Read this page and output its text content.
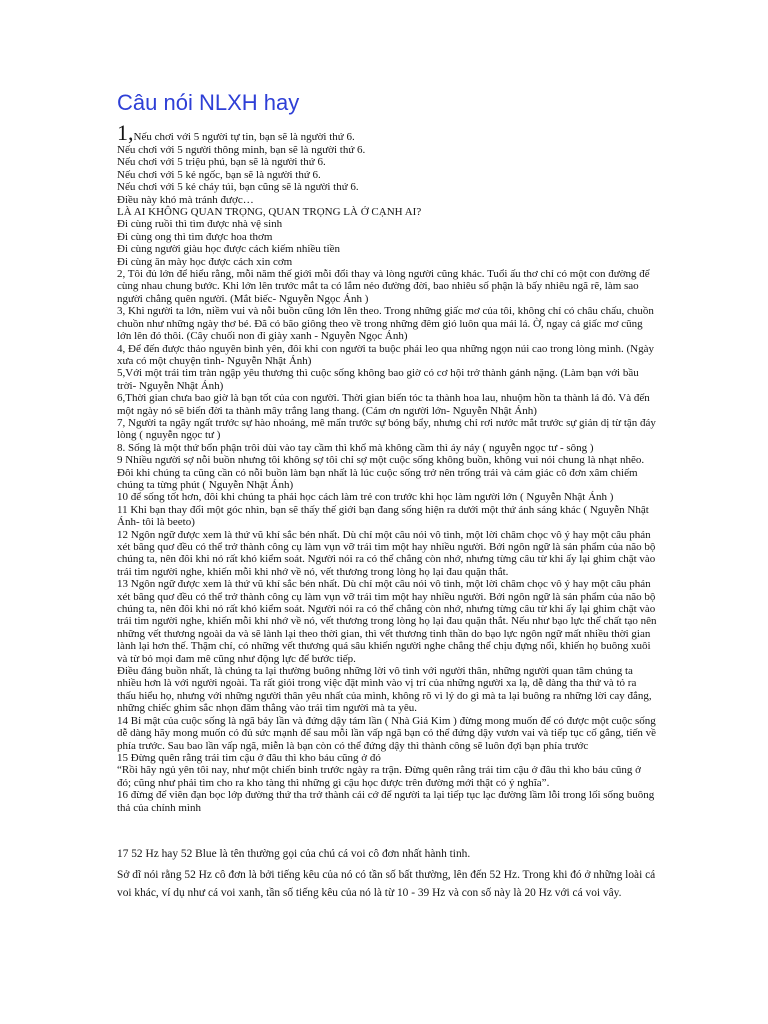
Câu nói NLXH hay

1,Nếu chơi với 5 người tự tin, bạn sẽ là người thứ 6.

Nếu chơi với 5 người thông minh, bạn sẽ là người thứ 6.

Nếu chơi với 5 triệu phú, bạn sẽ là người thứ 6.

Nếu chơi với 5 kẻ ngốc, bạn sẽ là người thứ 6.

Nếu chơi với 5 kẻ cháy túi, bạn cũng sẽ là người thứ 6.

Điều này khó mà tránh được…

LÀ AI KHÔNG QUAN TRỌNG, QUAN TRỌNG LÀ Ở CẠNH AI?

Đi cùng ruồi thì tìm được nhà vệ sinh

Đi cùng ong thì tìm được hoa thơm

Đi cùng người giàu học được cách kiếm nhiều tiền

Đi cùng ăn mày học được cách xin cơm

2, Tôi đủ lớn để hiểu rằng, mỗi năm thế giới mỗi đổi thay và lòng người cũng khác. Tuổi ấu thơ chỉ có một con đường để cùng nhau chung bước. Khi lớn lên trước mắt ta có lắm nẻo đường đời, bao nhiêu số phận là bấy nhiêu ngã rẽ, làm sao người chẳng quên người. (Mắt biếc- Nguyễn Ngọc Ánh )

3, Khi người ta lớn, niềm vui và nỗi buồn cũng lớn lên theo. Trong những giấc mơ của tôi, không chỉ có châu chấu, chuồn chuồn như những ngày thơ bé. Đã có bão giông theo về trong những đêm gió luôn qua mái lá. Ờ, ngay cả giấc mơ cũng lớn lên đó thôi. (Cây chuối non đi giày xanh - Nguyễn Ngọc Ánh)

4, Để đến được thảo nguyên bình yên, đôi khi con người ta buộc phải leo qua những ngọn núi cao trong lòng mình. (Ngày xưa có một chuyện tình- Nguyễn Nhật Ánh)

5,Với một trái tim tràn ngập yêu thương thì cuộc sống không bao giờ có cơ hội trở thành gánh nặng. (Làm bạn với bầu trời- Nguyễn Nhật Ánh)

6,Thời gian chưa bao giờ là bạn tốt của con người. Thời gian biến tóc ta thành hoa lau, nhuộm hồn ta thành lá đỏ. Và đến một ngày nó sẽ biến đời ta thành mây trắng lang thang. (Cám ơn người lớn- Nguyễn Nhật Ánh)

7, Người ta ngây ngất trước sự hào nhoáng, mê mẩn trước sự bóng bẩy, nhưng chỉ rơi nước mắt trước sự giản dị từ tận đáy lòng ( nguyễn ngọc tư )

8. Sống là một thứ bổn phận trôi dùi vào tay cầm thì khổ mà không cầm thì áy náy ( nguyễn ngọc tư - sông )

9 Nhiều người sợ nỗi buồn nhưng tôi không sợ tôi chỉ sợ một cuộc sống không buồn, không vui nói chung là nhạt nhẽo. Đôi khi chúng ta cũng cần có nỗi buồn làm bạn nhất là lúc cuộc sống trở nên trống trải và cảm giác cô đơn xâm chiếm chúng ta từng phút ( Nguyễn Nhật Ánh)

10 để sống tốt hơn, đôi khi chúng ta phải học cách làm trẻ con trước khi học làm người lớn ( Nguyễn Nhật Ánh )

11 Khi bạn thay đổi một góc nhìn, bạn sẽ thấy thế giới bạn đang sống hiện ra dưới một thứ ánh sáng khác ( Nguyễn Nhật Ánh- tôi là beeto)

12 Ngôn ngữ được xem là thứ vũ khí sắc bén nhất. Dù chỉ một câu nói vô tình, một lời châm chọc vô ý hay một câu phán xét bâng quơ đều có thể trở thành công cụ làm vụn vỡ trái tim một hay nhiều người. Bởi ngôn ngữ là sản phẩm của não bộ chúng ta, nên đôi khi nó rất khó kiểm soát. Người nói ra có thể chẳng còn nhớ, nhưng từng câu từ khi ấy lại ghim chặt vào trái tim người nghe, khiến mỗi khi nhớ về nó, vết thương trong lòng họ lại đau quặn thắt.

13 Ngôn ngữ được xem là thứ vũ khí sắc bén nhất. Dù chỉ một câu nói vô tình, một lời châm chọc vô ý hay một câu phán xét bâng quơ đều có thể trở thành công cụ làm vụn vỡ trái tim một hay nhiều người. Bởi ngôn ngữ là sản phẩm của não bộ chúng ta, nên đôi khi nó rất khó kiểm soát. Người nói ra có thể chẳng còn nhớ, nhưng từng câu từ khi ấy lại ghim chặt vào trái tim người nghe, khiến mỗi khi nhớ về nó, vết thương trong lòng họ lại đau quặn thắt. Nếu như bạo lực thể chất tạo nên những vết thương ngoài da và sẽ lành lại theo thời gian, thì vết thương tinh thần do bạo lực ngôn ngữ mất nhiều thời gian lành lại hơn thế. Thậm chí, có những vết thương quá sâu khiến người nghe chẳng thể chịu đựng nổi, khiến họ buông xuôi và từ bỏ mọi đam mê cũng như động lực để bước tiếp.

Điều đáng buồn nhất, là chúng ta lại thường buông những lời vô tình với người thân, những người quan tâm chúng ta nhiều hơn là với người ngoài. Ta rất giỏi trong việc đặt mình vào vị trí của những người xa lạ, dễ dàng tha thứ và tỏ ra thấu hiểu họ, nhưng với những người thân yêu nhất của mình, không rõ vì lý do gì mà ta lại buông ra những lời cay đắng, những chiếc ghim sắc nhọn đâm thẳng vào trái tim người mà ta yêu.

14 Bi mật của cuộc sống là ngã bảy lần và đứng dậy tám lần ( Nhà Giả Kim ) đừng mong muốn để có được một cuộc sống dễ dàng hãy mong muốn có đủ sức mạnh để sau mỗi lần vấp ngã bạn có thể đứng dậy vươn vai và tiếp tục cố gắng, tiến về phía trước. Sau bao lần vấp ngã, miễn là bạn còn có thể đứng dậy thì thành công sẽ luôn đợi bạn phía trước

15 Đừng quên rằng trái tim cậu ở đâu thì kho báu cũng ở đó

“Rồi hãy ngủ yên tôi nay, như một chiến binh trước ngày ra trận. Đừng quên rằng trái tim cậu ở đâu thì kho báu cũng ở đó; cũng như phải tìm cho ra kho tàng thì những gì cậu học được trên đường mới thật có ý nghĩa”.

16 đừng để viên đạn bọc lớp đường thứ tha trở thành cái cớ để người ta lại tiếp tục lạc đường lầm lỗi trong lối sống buông thả của chính mình

17 52 Hz hay 52 Blue là tên thường gọi của chú cá voi cô đơn nhất hành tinh.

Sở dĩ nói rằng 52 Hz cô đơn là bởi tiếng kêu của nó có tần số bất thường, lên đến 52 Hz. Trong khi đó ở những loài cá voi khác, ví dụ như cá voi xanh, tần số tiếng kêu của nó là từ 10 - 39 Hz và con số này là 20 Hz với cá voi vây.
